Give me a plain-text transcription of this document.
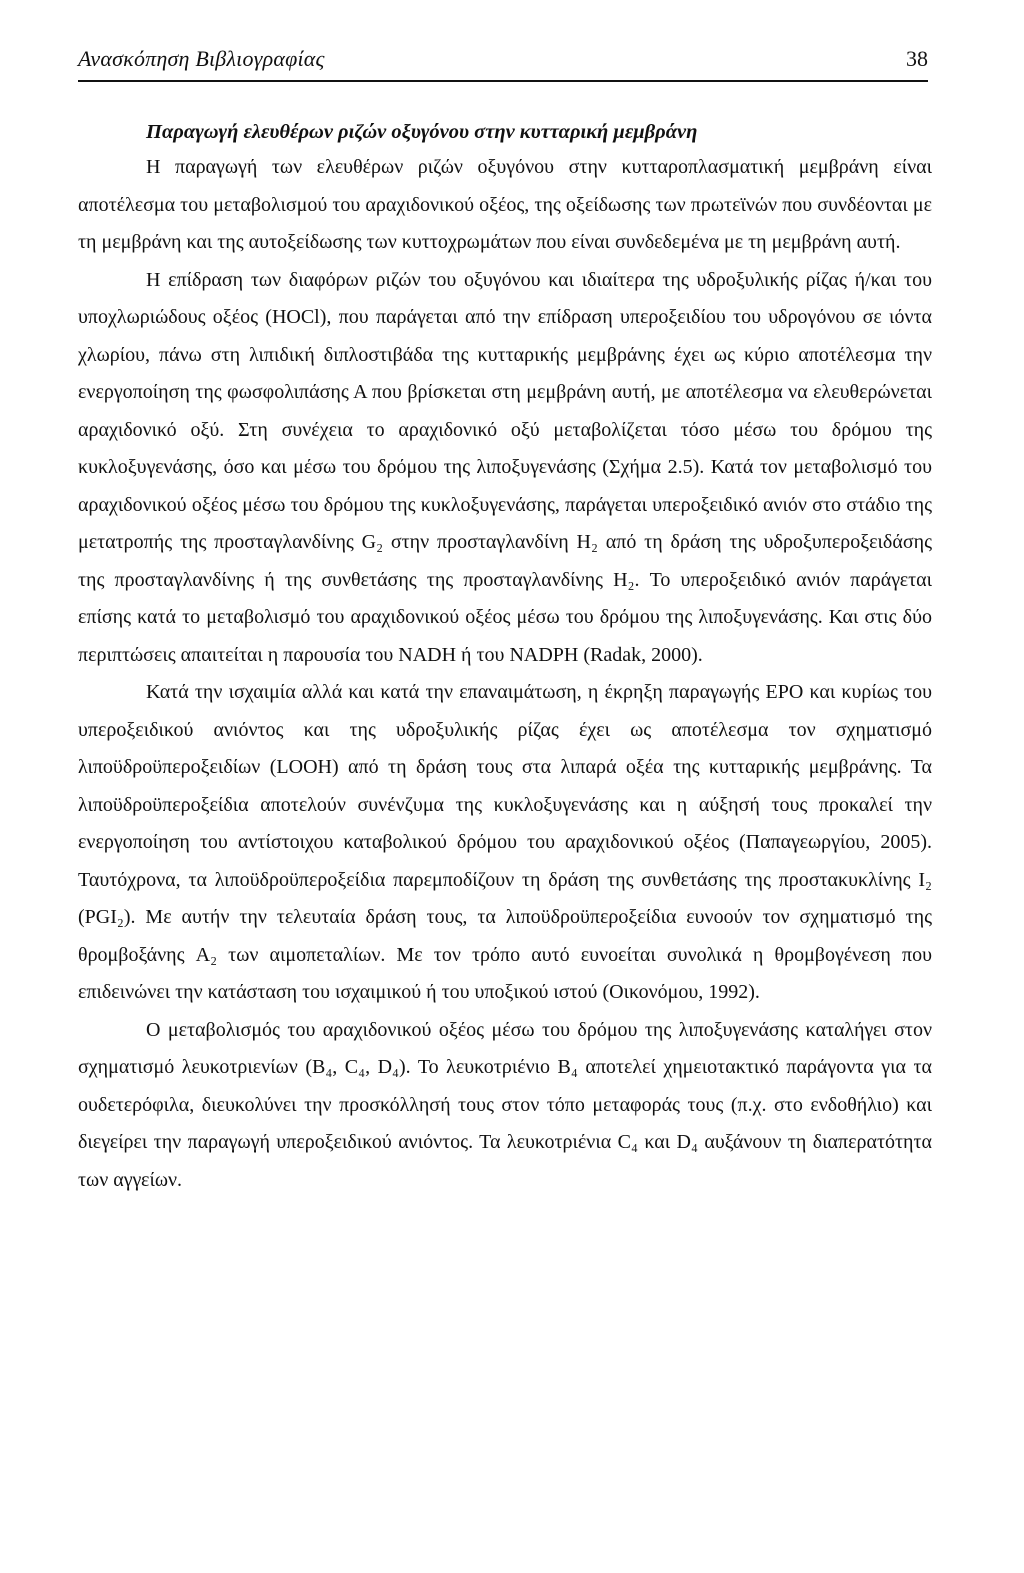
Ανασκόπηση Βιβλιογραφίας	38
Παραγωγή ελευθέρων ριζών οξυγόνου στην κυτταρική μεμβράνη

Η παραγωγή των ελευθέρων ριζών οξυγόνου στην κυτταροπλασματική μεμβράνη είναι αποτέλεσμα του μεταβολισμού του αραχιδονικού οξέος, της οξείδωσης των πρωτεϊνών που συνδέονται με τη μεμβράνη και της αυτοξείδωσης των κυττοχρωμάτων που είναι συνδεδεμένα με τη μεμβράνη αυτή.

Η επίδραση των διαφόρων ριζών του οξυγόνου και ιδιαίτερα της υδροξυλικής ρίζας ή/και του υποχλωριώδους οξέος (HOCl), που παράγεται από την επίδραση υπεροξειδίου του υδρογόνου σε ιόντα χλωρίου, πάνω στη λιπιδική διπλοστιβάδα της κυτταρικής μεμβράνης έχει ως κύριο αποτέλεσμα την ενεργοποίηση της φωσφολιπάσης Α που βρίσκεται στη μεμβράνη αυτή, με αποτέλεσμα να ελευθερώνεται αραχιδονικό οξύ. Στη συνέχεια το αραχιδονικό οξύ μεταβολίζεται τόσο μέσω του δρόμου της κυκλοξυγενάσης, όσο και μέσω του δρόμου της λιποξυγενάσης (Σχήμα 2.5). Κατά τον μεταβολισμό του αραχιδονικού οξέος μέσω του δρόμου της κυκλοξυγενάσης, παράγεται υπεροξειδικό ανιόν στο στάδιο της μετατροπής της προσταγλανδίνης G₂ στην προσταγλανδίνη H₂ από τη δράση της υδροξυπεροξειδάσης της προσταγλανδίνης ή της συνθετάσης της προσταγλανδίνης H₂. Το υπεροξειδικό ανιόν παράγεται επίσης κατά το μεταβολισμό του αραχιδονικού οξέος μέσω του δρόμου της λιποξυγενάσης. Και στις δύο περιπτώσεις απαιτείται η παρουσία του NADH ή του NADPH (Radak, 2000).

Κατά την ισχαιμία αλλά και κατά την επαναιμάτωση, η έκρηξη παραγωγής ΕΡΟ και κυρίως του υπεροξειδικού ανιόντος και της υδροξυλικής ρίζας έχει ως αποτέλεσμα τον σχηματισμό λιποϋδροϋπεροξειδίων (LOOH) από τη δράση τους στα λιπαρά οξέα της κυτταρικής μεμβράνης. Τα λιποϋδροϋπεροξείδια αποτελούν συνένζυμα της κυκλοξυγενάσης και η αύξησή τους προκαλεί την ενεργοποίηση του αντίστοιχου καταβολικού δρόμου του αραχιδονικού οξέος (Παπαγεωργίου, 2005). Ταυτόχρονα, τα λιποϋδροϋπεροξείδια παρεμποδίζουν τη δράση της συνθετάσης της προστακυκλίνης I₂ (PGI₂). Με αυτήν την τελευταία δράση τους, τα λιποϋδροϋπεροξείδια ευνοούν τον σχηματισμό της θρομβοξάνης A₂ των αιμοπεταλίων. Με τον τρόπο αυτό ευνοείται συνολικά η θρομβογένεση που επιδεινώνει την κατάσταση του ισχαιμικού ή του υποξικού ιστού (Οικονόμου, 1992).

Ο μεταβολισμός του αραχιδονικού οξέος μέσω του δρόμου της λιποξυγενάσης καταλήγει στον σχηματισμό λευκοτριενίων (B₄, C₄, D₄). Το λευκοτριένιο B₄ αποτελεί χημειοτακτικό παράγοντα για τα ουδετερόφιλα, διευκολύνει την προσκόλλησή τους στον τόπο μεταφοράς τους (π.χ. στο ενδοθήλιο) και διεγείρει την παραγωγή υπεροξειδικού ανιόντος. Τα λευκοτριένια C₄ και D₄ αυξάνουν τη διαπερατότητα των αγγείων.
